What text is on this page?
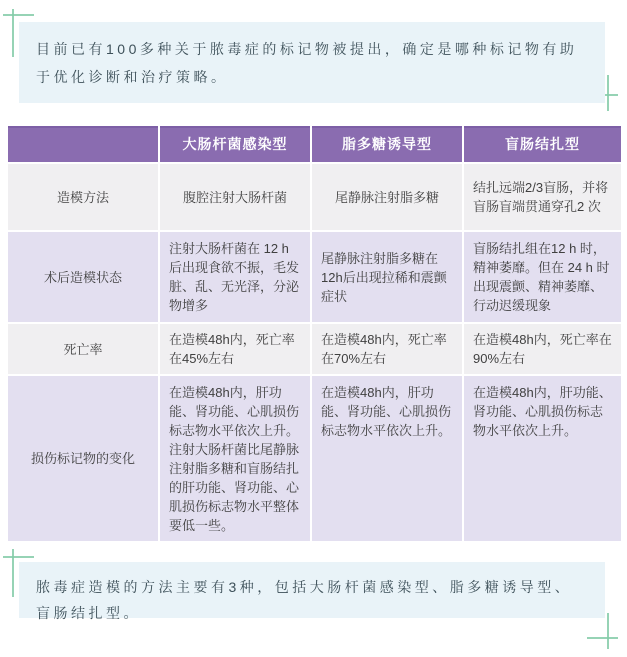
目前已有100多种关于脓毒症的标记物被提出，确定是哪种标记物有助于优化诊断和治疗策略。
	大肠杆菌感染型	脂多糖诱导型	盲肠结扎型
造模方法	腹腔注射大肠杆菌	尾静脉注射脂多糖	结扎远端2/3盲肠，并将盲肠盲端贯通穿孔2 次
术后造模状态	注射大肠杆菌在 12 h 后出现食欲不振，毛发脏、乱、无光泽，分泌物增多	尾静脉注射脂多糖在12h后出现拉稀和震颤症状	盲肠结扎组在12 h 时，精神萎靡。但在 24 h 时出现震颤、精神萎靡、行动迟缓现象
死亡率	在造模48h内，死亡率在45%左右	在造模48h内，死亡率在70%左右	在造模48h内，死亡率在90%左右
损伤标记物的变化	在造模48h内，肝功能、肾功能、心肌损伤标志物水平依次上升。注射大肠杆菌比尾静脉注射脂多糖和盲肠结扎的肝功能、肾功能、心肌损伤标志物水平整体要低一些。	在造模48h内，肝功能、肾功能、心肌损伤标志物水平依次上升。	在造模48h内，肝功能、肾功能、心肌损伤标志物水平依次上升。
脓毒症造模的方法主要有3种，包括大肠杆菌感染型、脂多糖诱导型、盲肠结扎型。
